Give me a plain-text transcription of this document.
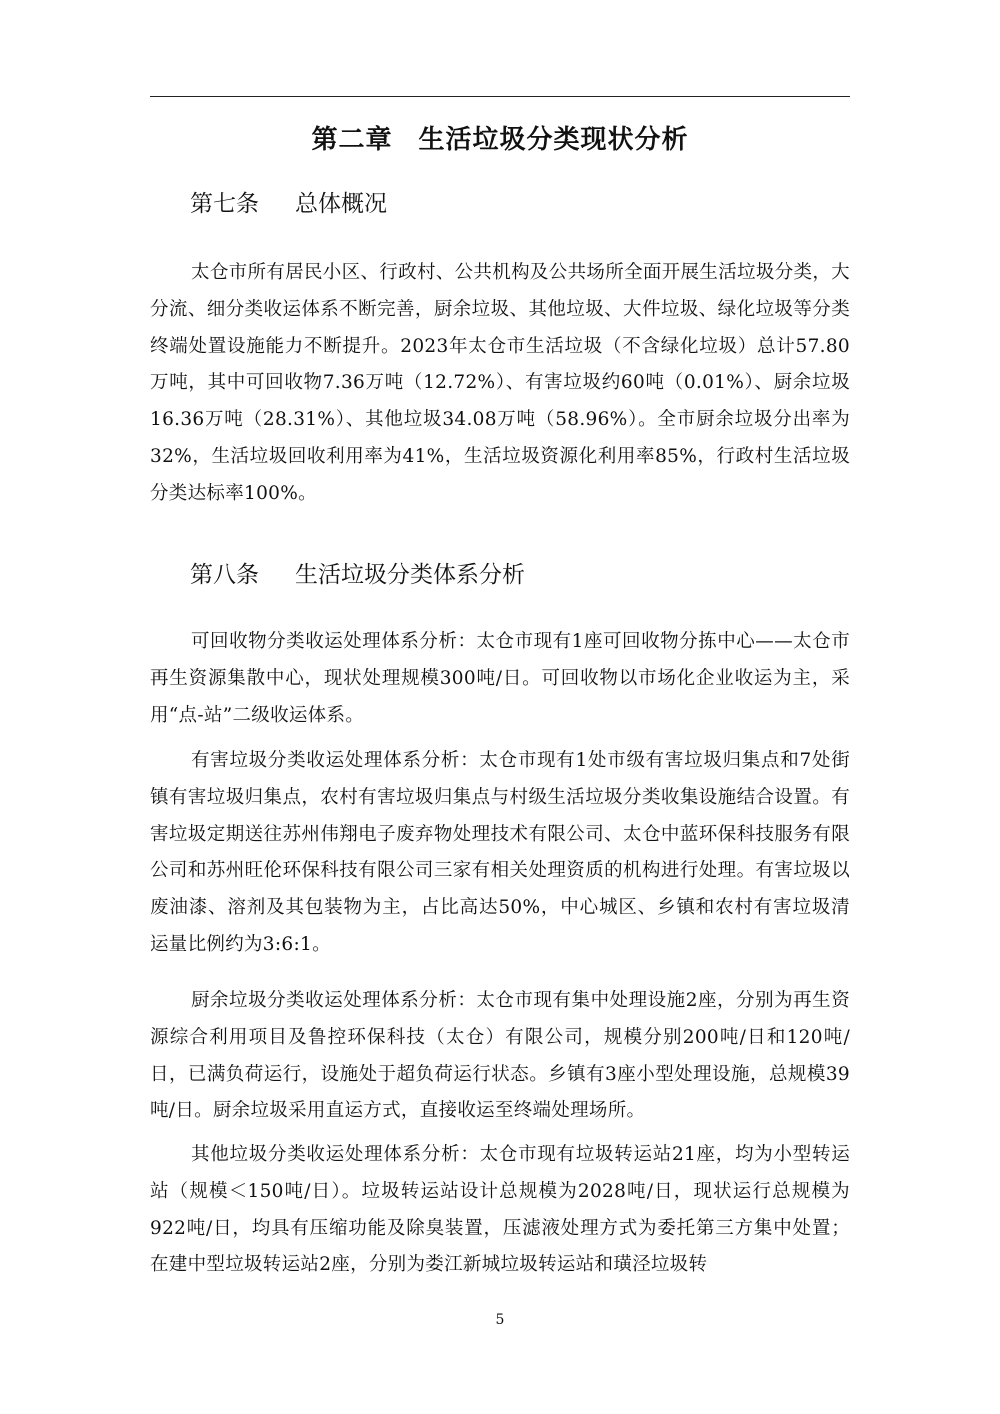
第二章 生活垃圾分类现状分析
第七条 总体概况

太仓市所有居民小区、行政村、公共机构及公共场所全面开展生活垃圾分类，大分流、细分类收运体系不断完善，厨余垃圾、其他垃圾、大件垃圾、绿化垃圾等分类终端处置设施能力不断提升。2023年太仓市生活垃圾（不含绿化垃圾）总计57.80万吨，其中可回收物7.36万吨（12.72%）、有害垃圾约60吨（0.01%）、厨余垃圾16.36万吨（28.31%）、其他垃圾34.08万吨（58.96%）。全市厨余垃圾分出率为32%，生活垃圾回收利用率为41%，生活垃圾资源化利用率85%，行政村生活垃圾分类达标率100%。

第八条 生活垃圾分类体系分析

可回收物分类收运处理体系分析：太仓市现有1座可回收物分拣中心——太仓市再生资源集散中心，现状处理规模300吨/日。可回收物以市场化企业收运为主，采用“点-站”二级收运体系。

有害垃圾分类收运处理体系分析：太仓市现有1处市级有害垃圾归集点和7处街镇有害垃圾归集点，农村有害垃圾归集点与村级生活垃圾分类收集设施结合设置。有害垃圾定期送往苏州伟翔电子废弃物处理技术有限公司、太仓中蓝环保科技服务有限公司和苏州旺伦环保科技有限公司三家有相关处理资质的机构进行处理。有害垃圾以废油漆、溶剂及其包装物为主，占比高达50%，中心城区、乡镇和农村有害垃圾清运量比例约为3:6:1。

厨余垃圾分类收运处理体系分析：太仓市现有集中处理设施2座，分别为再生资源综合利用项目及鲁控环保科技（太仓）有限公司，规模分别200吨/日和120吨/日，已满负荷运行，设施处于超负荷运行状态。乡镇有3座小型处理设施，总规模39吨/日。厨余垃圾采用直运方式，直接收运至终端处理场所。

其他垃圾分类收运处理体系分析：太仓市现有垃圾转运站21座，均为小型转运站（规模＜150吨/日）。垃圾转运站设计总规模为2028吨/日，现状运行总规模为922吨/日，均具有压缩功能及除臭装置，压滤液处理方式为委托第三方集中处置；在建中型垃圾转运站2座，分别为娄江新城垃圾转运站和璜泾垃圾转

5
